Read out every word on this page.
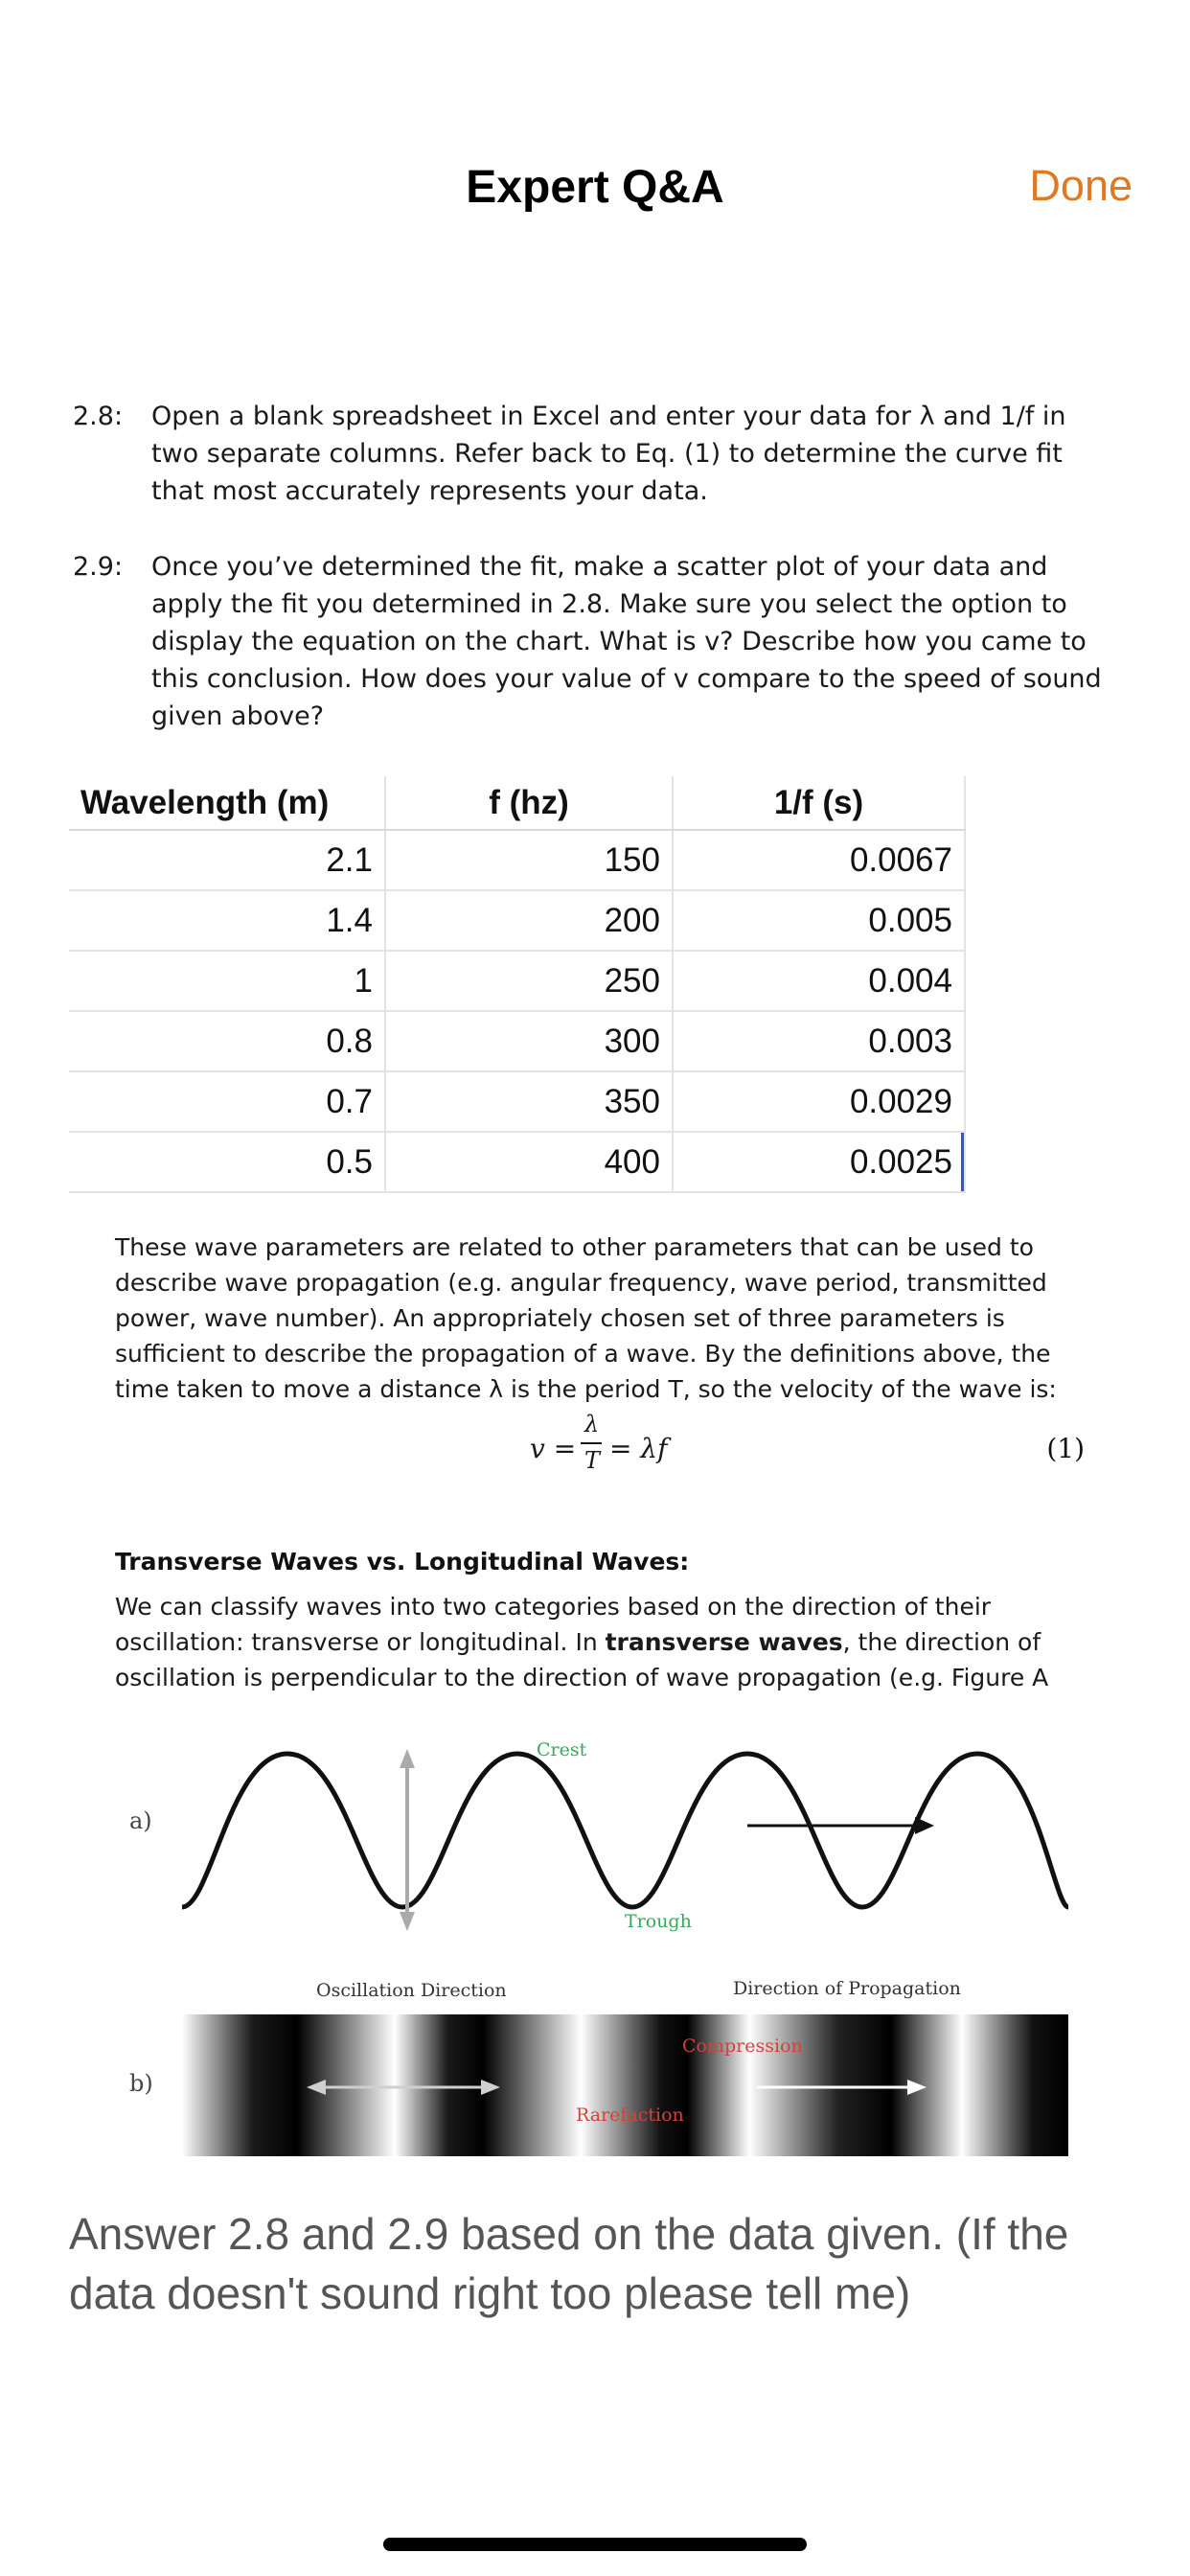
Expert Q&A	Done
2.8: Open a blank spreadsheet in Excel and enter your data for λ and 1/f in two separate columns. Refer back to Eq. (1) to determine the curve fit that most accurately represents your data.
2.9: Once you’ve determined the fit, make a scatter plot of your data and apply the fit you determined in 2.8. Make sure you select the option to display the equation on the chart. What is v? Describe how you came to this conclusion. How does your value of v compare to the speed of sound given above?
Wavelength (m)	f (hz)	1/f (s)
2.1	150	0.0067
1.4	200	0.005
1	250	0.004
0.8	300	0.003
0.7	350	0.0029
0.5	400	0.0025
These wave parameters are related to other parameters that can be used to describe wave propagation (e.g. angular frequency, wave period, transmitted power, wave number). An appropriately chosen set of three parameters is sufficient to describe the propagation of a wave. By the definitions above, the time taken to move a distance λ is the period T, so the velocity of the wave is:
v =
λ
T = λf	(1)
Transverse Waves vs. Longitudinal Waves:
We can classify waves into two categories based on the direction of their oscillation: transverse or longitudinal. In transverse waves, the direction of oscillation is perpendicular to the direction of wave propagation (e.g. Figure A
a)
Crest
Trough
Oscillation Direction	Direction of Propagation
b)
Compression
Rarefaction
Answer 2.8 and 2.9 based on the data given. (If the data doesn't sound right too please tell me)
